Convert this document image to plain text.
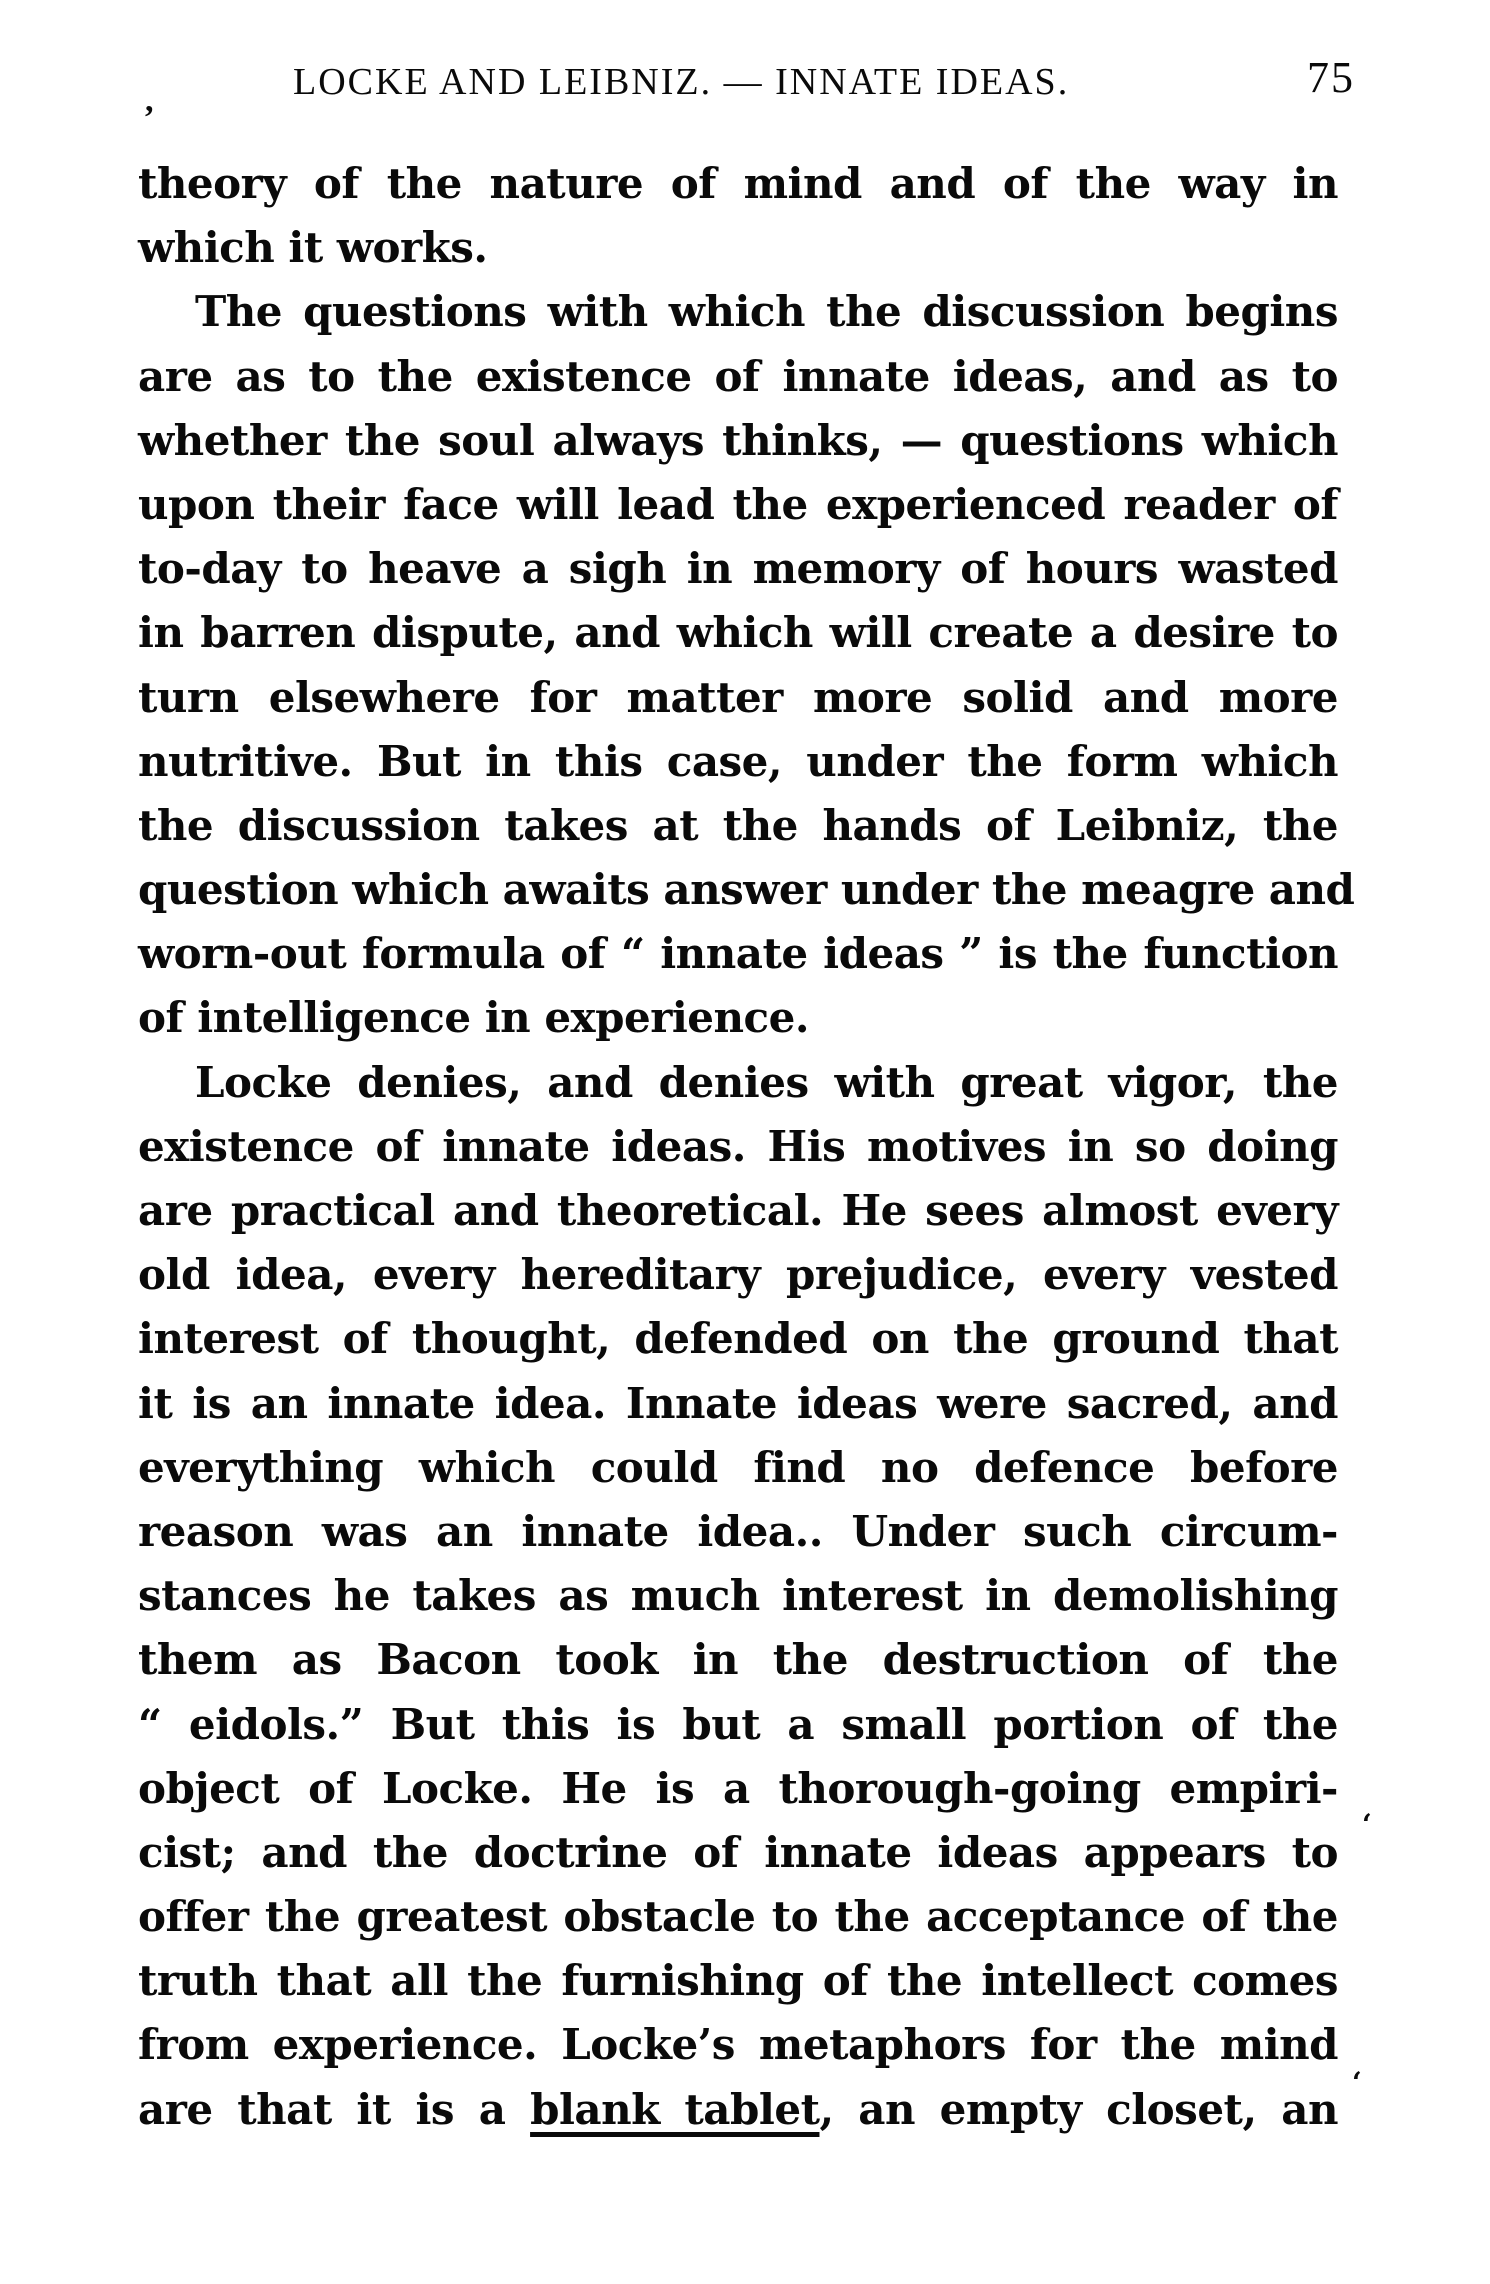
,	LOCKE AND LEIBNIZ. — INNATE IDEAS.	75
theory of the nature of mind and of the way in
which it works.
The questions with which the discussion begins
are as to the existence of innate ideas, and as to
whether the soul always thinks, — questions which
upon their face will lead the experienced reader of
to-day to heave a sigh in memory of hours wasted
in barren dispute, and which will create a desire to
turn elsewhere for matter more solid and more
nutritive. But in this case, under the form which
the discussion takes at the hands of Leibniz, the
question which awaits answer under the meagre and
worn-out formula of “ innate ideas ” is the function
of intelligence in experience.
Locke denies, and denies with great vigor, the
existence of innate ideas. His motives in so doing
are practical and theoretical. He sees almost every
old idea, every hereditary prejudice, every vested
interest of thought, defended on the ground that
it is an innate idea. Innate ideas were sacred, and
everything which could find no defence before
reason was an innate idea.. Under such circum-
stances he takes as much interest in demolishing
them as Bacon took in the destruction of the
“ eidols.” But this is but a small portion of the
object of Locke. He is a thorough-going empiri-
cist; and the doctrine of innate ideas appears to
offer the greatest obstacle to the acceptance of the
truth that all the furnishing of the intellect comes
from experience. Locke’s metaphors for the mind
are that it is a blank tablet, an empty closet, an
‘
‘
